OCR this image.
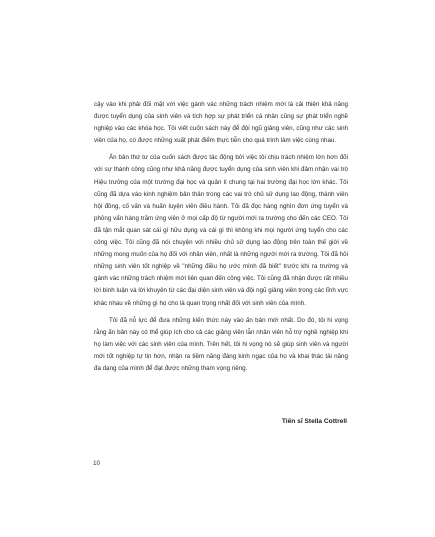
cậy vào khi phải đối mặt với việc gánh vác những trách nhiệm mới là cải thiện khả năng được tuyển dụng của sinh viên và tích hợp sự phát triển cá nhân cũng sự phát triển nghề nghiệp vào các khóa học. Tôi viết cuốn sách này để đội ngũ giảng viên, cũng như các sinh viên của họ, có được những xuất phát điểm thực tiễn cho quá trình làm việc cùng nhau.

Ấn bản thứ tư của cuốn sách được tác động bởi việc tôi chịu trách nhiệm lớn hơn đối với sự thành công cũng như khả năng được tuyển dụng của sinh viên khi đảm nhận vai trò Hiệu trưởng của một trường đại học và quản lí chung tại hai trường đại học lớn khác. Tôi cũng đã dựa vào kinh nghiệm bản thân trong các vai trò chủ sử dụng lao động, thành viên hội đồng, cố vấn và huấn luyện viên điều hành. Tôi đã đọc hàng nghìn đơn ứng tuyển và phỏng vấn hàng trăm ứng viên ở mọi cấp độ từ người mới ra trường cho đến các CEO. Tôi đã tận mắt quan sát cái gì hữu dụng và cái gì thì không khi mọi người ứng tuyển cho các công việc. Tôi cũng đã nói chuyện với nhiều chủ sử dụng lao động trên toàn thế giới về những mong muốn của họ đối với nhân viên, nhất là những người mới ra trường. Tôi đã hỏi những sinh viên tốt nghiệp về "những điều họ ước mình đã biết" trước khi ra trường và gánh vác những trách nhiệm mới liên quan đến công việc. Tôi cũng đã nhận được rất nhiều lời bình luận và lời khuyên từ các đại diện sinh viên và đội ngũ giảng viên trong các lĩnh vực khác nhau về những gì họ cho là quan trọng nhất đối với sinh viên của mình.

Tôi đã nỗ lực để đưa những kiến thức này vào ấn bản mới nhất. Do đó, tôi hi vọng rằng ấn bản này có thể giúp ích cho cả các giảng viên lẫn nhân viên hỗ trợ nghề nghiệp khi họ làm việc với các sinh viên của mình. Trên hết, tôi hi vọng nó sẽ giúp sinh viên và người mới tốt nghiệp tự tin hơn, nhận ra tiềm năng đáng kinh ngạc của họ và khai thác tài năng đa dạng của mình để đạt được những tham vọng riêng.

Tiến sĩ Stella Cottrell
10
